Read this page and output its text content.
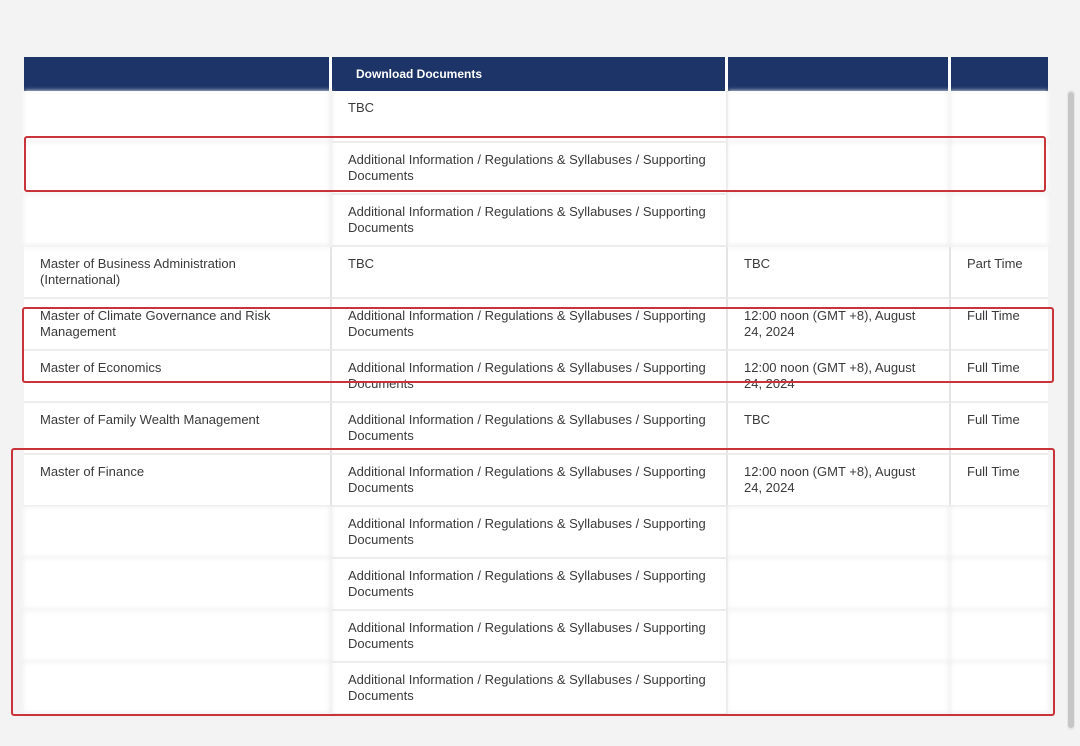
	Download Documents		
	TBC		
	Additional Information / Regulations & Syllabuses / Supporting Documents		
	Additional Information / Regulations & Syllabuses / Supporting Documents		
Master of Business Administration (International)	TBC	TBC	Part Time
Master of Climate Governance and Risk Management	Additional Information / Regulations & Syllabuses / Supporting Documents	12:00 noon (GMT +8), August 24, 2024	Full Time
Master of Economics	Additional Information / Regulations & Syllabuses / Supporting Documents	12:00 noon (GMT +8), August 24, 2024	Full Time
Master of Family Wealth Management	Additional Information / Regulations & Syllabuses / Supporting Documents	TBC	Full Time
Master of Finance	Additional Information / Regulations & Syllabuses / Supporting Documents	12:00 noon (GMT +8), August 24, 2024	Full Time
	Additional Information / Regulations & Syllabuses / Supporting Documents		
	Additional Information / Regulations & Syllabuses / Supporting Documents		
	Additional Information / Regulations & Syllabuses / Supporting Documents		
	Additional Information / Regulations & Syllabuses / Supporting Documents		
